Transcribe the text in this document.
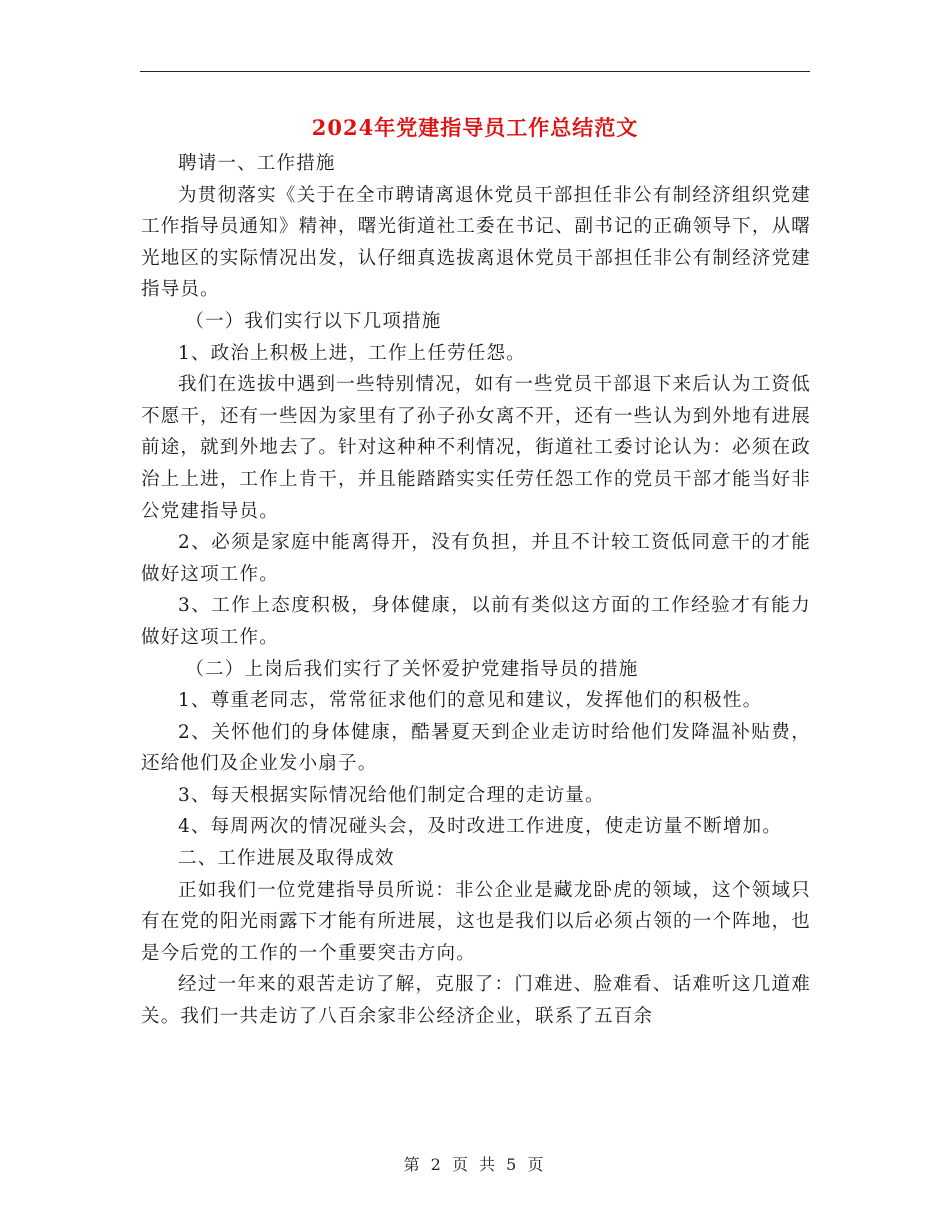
2024年党建指导员工作总结范文

聘请一、工作措施

为贯彻落实《关于在全市聘请离退休党员干部担任非公有制经济组织党建工作指导员通知》精神，曙光街道社工委在书记、副书记的正确领导下，从曙光地区的实际情况出发，认仔细真选拔离退休党员干部担任非公有制经济党建指导员。

（一）我们实行以下几项措施

1、政治上积极上进，工作上任劳任怨。

我们在选拔中遇到一些特别情况，如有一些党员干部退下来后认为工资低不愿干，还有一些因为家里有了孙子孙女离不开，还有一些认为到外地有进展前途，就到外地去了。针对这种种不利情况，街道社工委讨论认为：必须在政治上上进，工作上肯干，并且能踏踏实实任劳任怨工作的党员干部才能当好非公党建指导员。

2、必须是家庭中能离得开，没有负担，并且不计较工资低同意干的才能做好这项工作。

3、工作上态度积极，身体健康，以前有类似这方面的工作经验才有能力做好这项工作。

（二）上岗后我们实行了关怀爱护党建指导员的措施

1、尊重老同志，常常征求他们的意见和建议，发挥他们的积极性。

2、关怀他们的身体健康，酷暑夏天到企业走访时给他们发降温补贴费，还给他们及企业发小扇子。

3、每天根据实际情况给他们制定合理的走访量。

4、每周两次的情况碰头会，及时改进工作进度，使走访量不断增加。

二、工作进展及取得成效

正如我们一位党建指导员所说：非公企业是藏龙卧虎的领域，这个领域只有在党的阳光雨露下才能有所进展，这也是我们以后必须占领的一个阵地，也是今后党的工作的一个重要突击方向。

经过一年来的艰苦走访了解，克服了：门难进、脸难看、话难听这几道难关。我们一共走访了八百余家非公经济企业，联系了五百余

第 2 页 共 5 页
